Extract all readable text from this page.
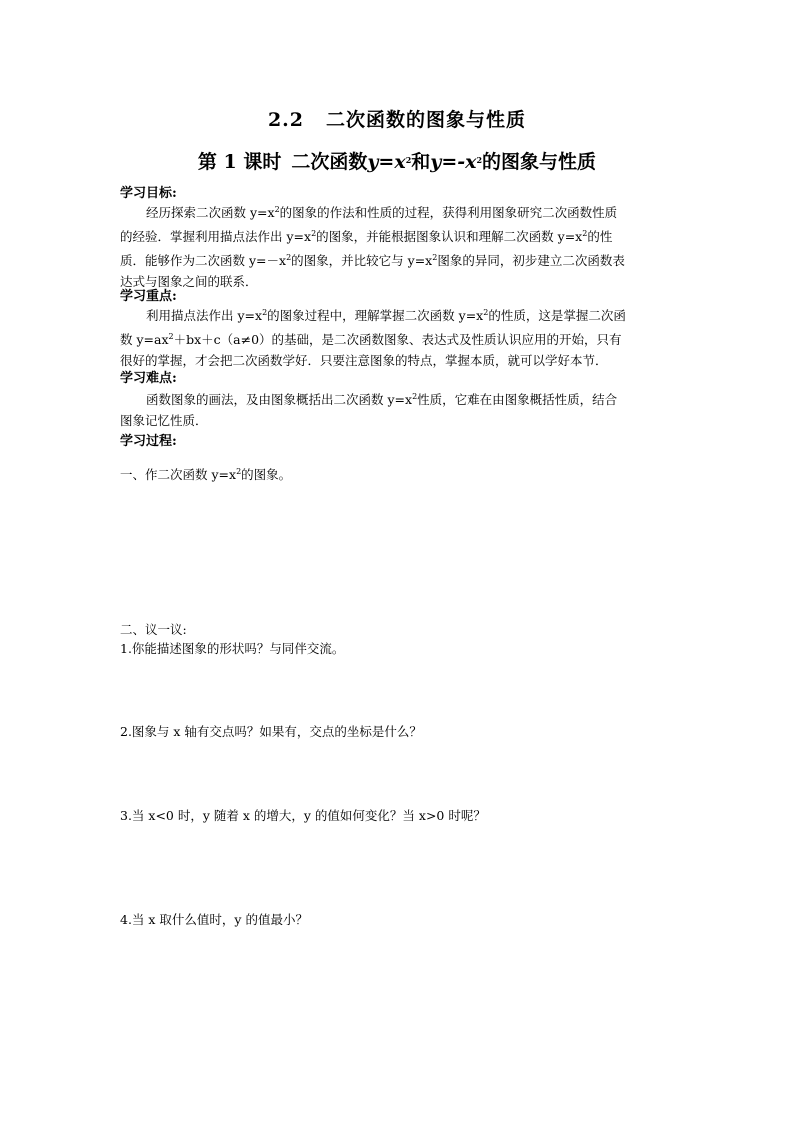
2.2 二次函数的图象与性质
第 1 课时 二次函数$y=x^2$和$y=-x^2$的图象与性质
学习目标:
经历探索二次函数 $y=x^2$的图象的作法和性质的过程，获得利用图象研究二次函数性质
的经验．掌握利用描点法作出 $y=x^2$的图象，并能根据图象认识和理解二次函数 $y=x^2$的性
质．能够作为二次函数 $y=-x^2$的图象，并比较它与 $y=x^2$图象的异同，初步建立二次函数表
达式与图象之间的联系．
学习重点:
利用描点法作出 $y=x^2$的图象过程中，理解掌握二次函数 $y=x^2$的性质，这是掌握二次函
数 $y=ax^2+bx+c(a\ne 0)$的基础，是二次函数图象、表达式及性质认识应用的开始，只有
很好的掌握，才会把二次函数学好．只要注意图象的特点，掌握本质，就可以学好本节．
学习难点:
函数图象的画法，及由图象概括出二次函数 $y=x^2$性质，它难在由图象概括性质，结合
图象记忆性质．
学习过程:
一、作二次函数 $y=x^2$的图象。
二、议一议:
1.你能描述图象的形状吗？与同伴交流。
2.图象与 x 轴有交点吗？如果有，交点的坐标是什么？
3.当 x<0 时，y 随着 x 的增大，y 的值如何变化？当 x>0 时呢？
4.当 x 取什么值时，y 的值最小？
